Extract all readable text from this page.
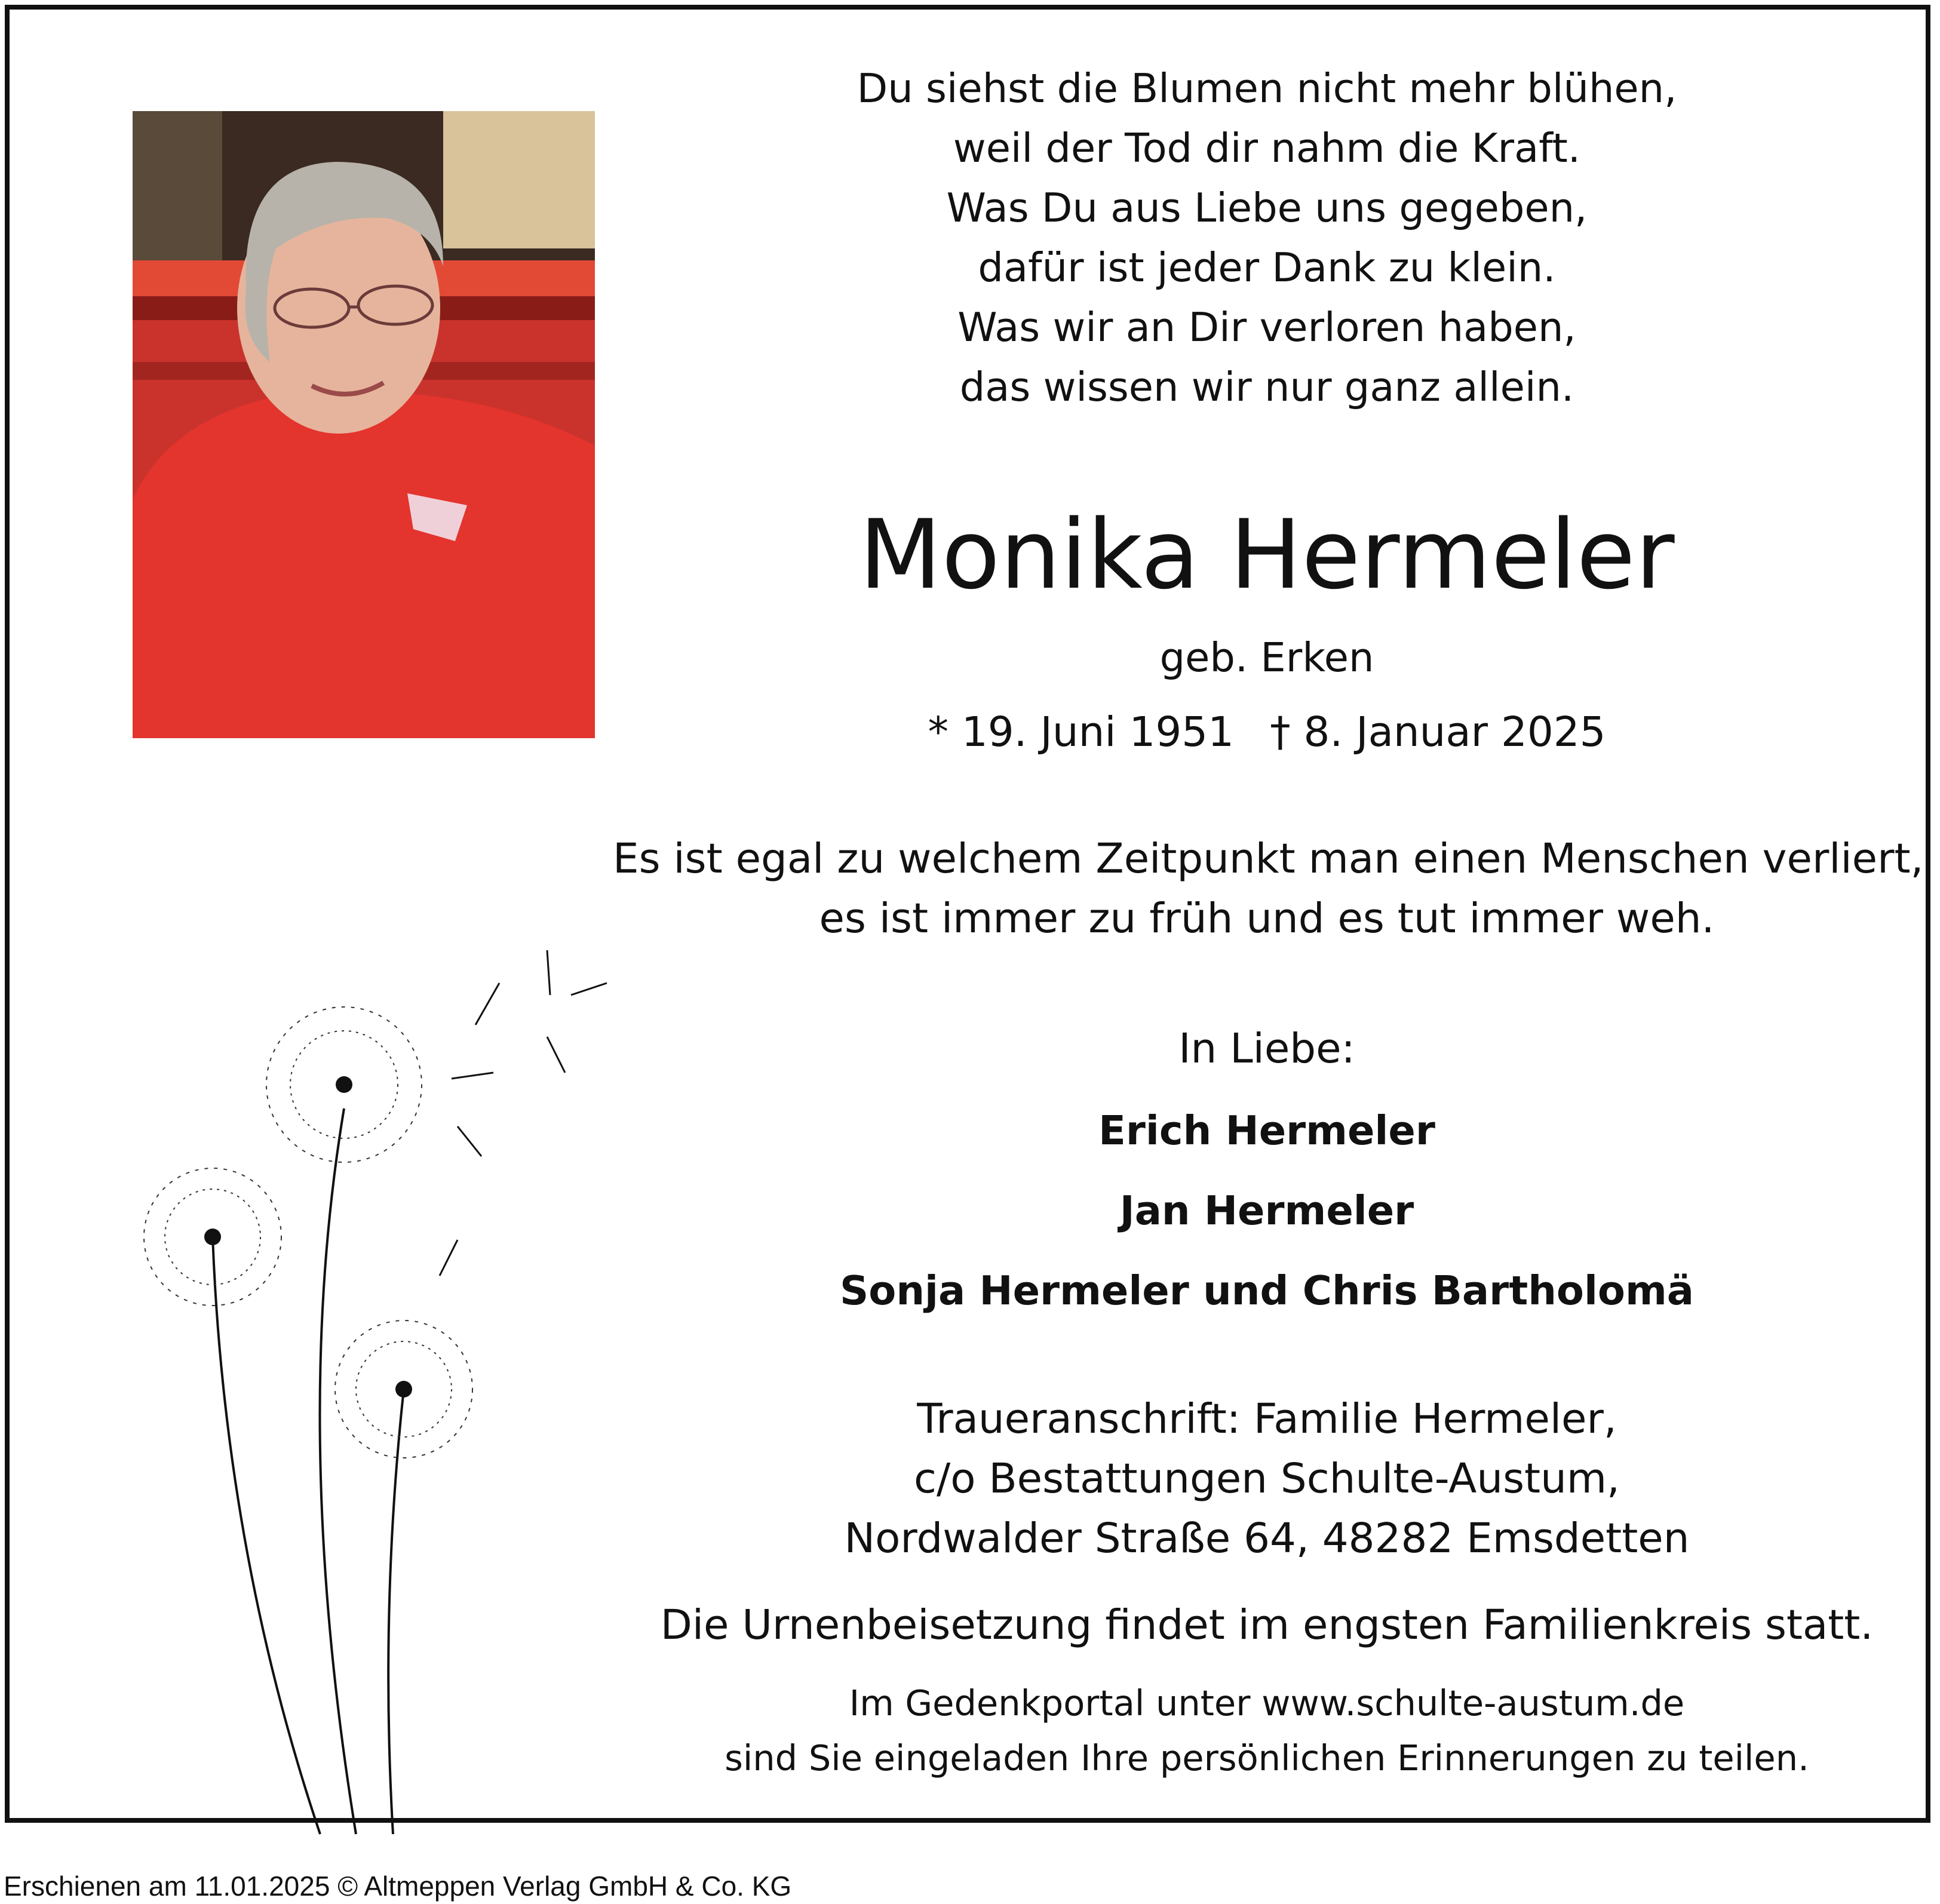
Du siehst die Blumen nicht mehr blühen,
weil der Tod dir nahm die Kraft.
Was Du aus Liebe uns gegeben,
dafür ist jeder Dank zu klein.
Was wir an Dir verloren haben,
das wissen wir nur ganz allein.
Monika Hermeler
geb. Erken
* 19. Juni 1951 † 8. Januar 2025
Es ist egal zu welchem Zeitpunkt man einen Menschen verliert,
es ist immer zu früh und es tut immer weh.
In Liebe:
Erich Hermeler
Jan Hermeler
Sonja Hermeler und Chris Bartholomä
Traueranschrift: Familie Hermeler,
c/o Bestattungen Schulte-Austum,
Nordwalder Straße 64, 48282 Emsdetten
Die Urnenbeisetzung findet im engsten Familienkreis statt.
Im Gedenkportal unter www.schulte-austum.de
sind Sie eingeladen Ihre persönlichen Erinnerungen zu teilen.
Erschienen am 11.01.2025 © Altmeppen Verlag GmbH & Co. KG
